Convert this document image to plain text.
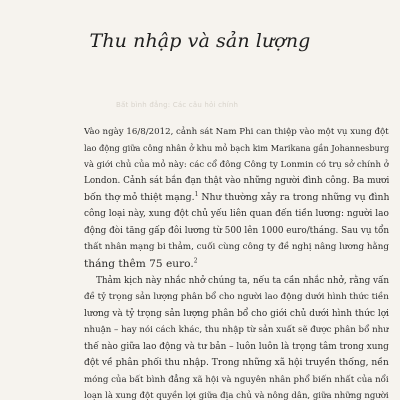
Thu nhập và sản lượng
Bất bình đẳng: Các câu hỏi chính
Vào ngày 16/8/2012, cảnh sát Nam Phi can thiệp vào một vụ xung đột
lao động giữa công nhân ở khu mỏ bạch kim Marikana gần Johannesburg
và giới chủ của mỏ này: các cổ đông Công ty Lonmin có trụ sở chính ở
London. Cảnh sát bắn đạn thật vào những người đình công. Ba mươi
bốn thợ mỏ thiệt mạng.$^1$ Như thường xảy ra trong những vụ đình
công loại này, xung đột chủ yếu liên quan đến tiền lương: người lao
động đòi tăng gấp đôi lương từ 500 lên 1000 euro/tháng. Sau vụ tổn
thất nhân mạng bi thảm, cuối cùng công ty đề nghị nâng lương hằng
tháng thêm 75 euro.$^2$
Thảm kịch này nhắc nhở chúng ta, nếu ta cần nhắc nhở, rằng vấn
đề tỷ trọng sản lượng phân bổ cho người lao động dưới hình thức tiền
lương và tỷ trọng sản lượng phân bổ cho giới chủ dưới hình thức lợi
nhuận – hay nói cách khác, thu nhập từ sản xuất sẽ được phân bổ như
thế nào giữa lao động và tư bản – luôn luôn là trọng tâm trong xung
đột về phân phối thu nhập. Trong những xã hội truyền thống, nền
móng của bất bình đẳng xã hội và nguyên nhân phổ biến nhất của nổi
loạn là xung đột quyền lợi giữa địa chủ và nông dân, giữa những người
